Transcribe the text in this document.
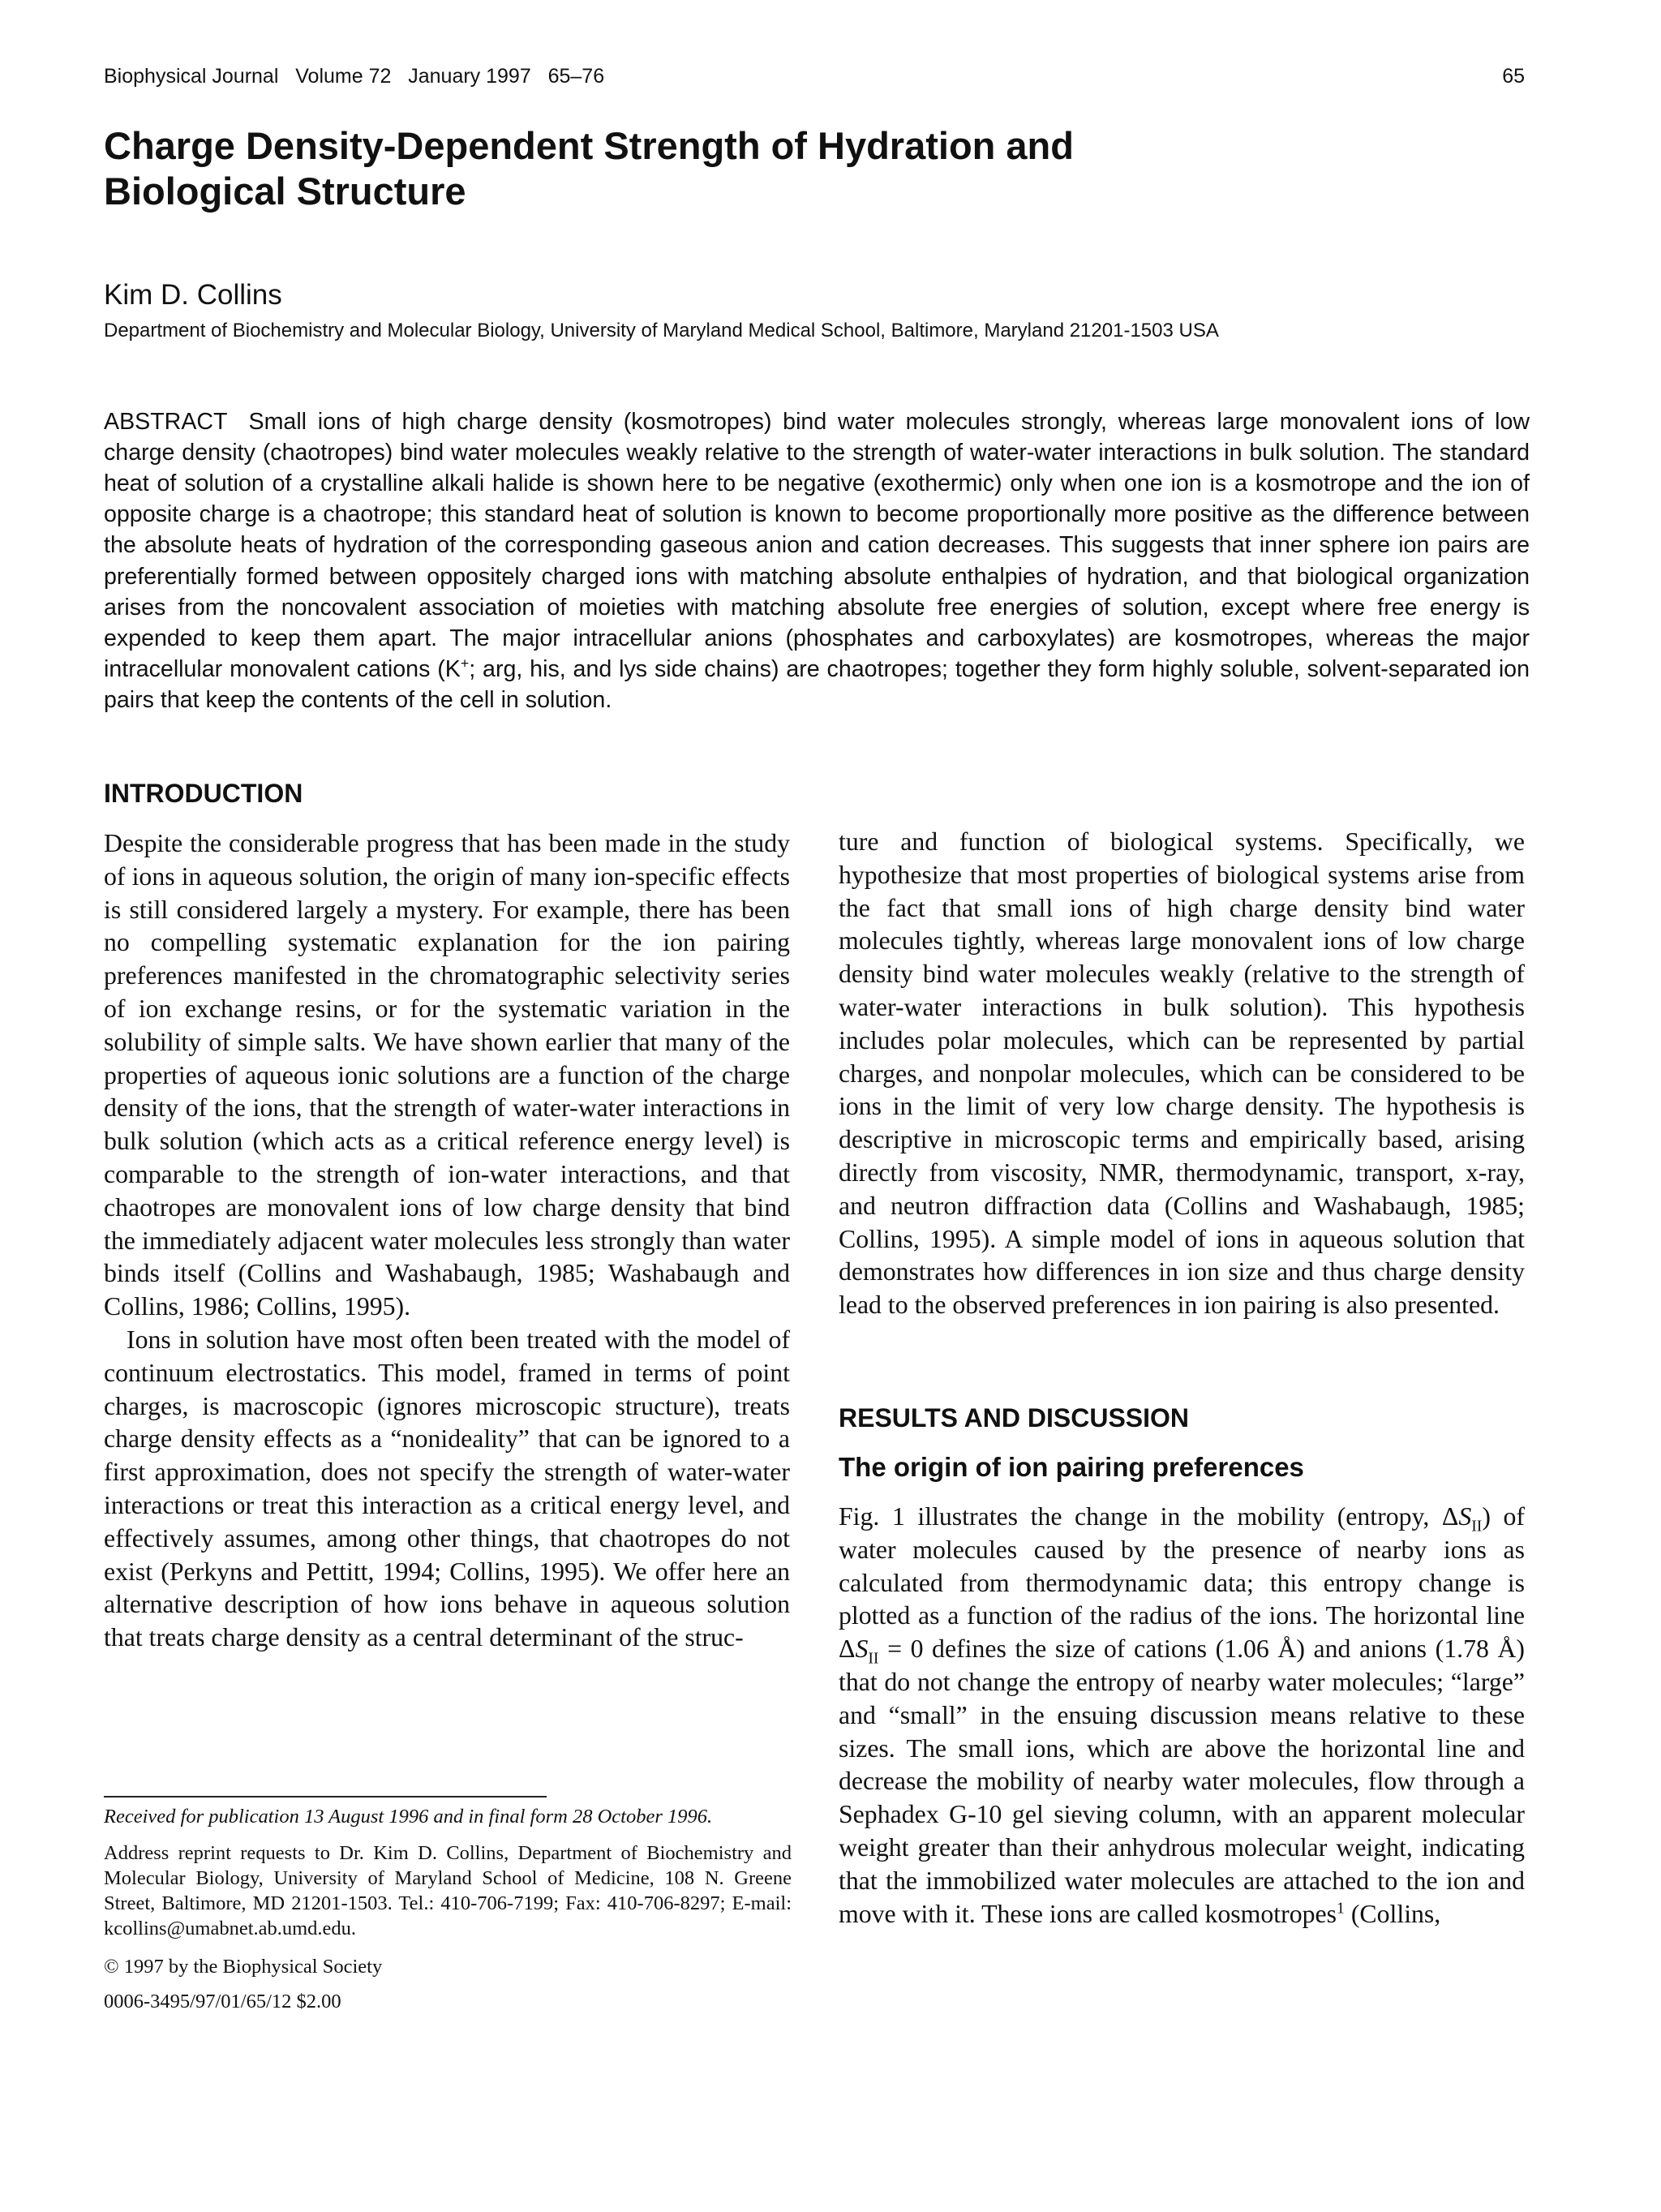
Biophysical Journal Volume 72 January 1997 65–76	65
Charge Density-Dependent Strength of Hydration and
Biological Structure
Kim D. Collins
Department of Biochemistry and Molecular Biology, University of Maryland Medical School, Baltimore, Maryland 21201-1503 USA

ABSTRACT Small ions of high charge density (kosmotropes) bind water molecules strongly, whereas large monovalent ions of low charge density (chaotropes) bind water molecules weakly relative to the strength of water-water interactions in bulk solution. The standard heat of solution of a crystalline alkali halide is shown here to be negative (exothermic) only when one ion is a kosmotrope and the ion of opposite charge is a chaotrope; this standard heat of solution is known to become proportionally more positive as the difference between the absolute heats of hydration of the corresponding gaseous anion and cation decreases. This suggests that inner sphere ion pairs are preferentially formed between oppositely charged ions with matching absolute enthalpies of hydration, and that biological organization arises from the noncovalent association of moieties with matching absolute free energies of solution, except where free energy is expended to keep them apart. The major intracellular anions (phosphates and carboxylates) are kosmotropes, whereas the major intracellular monovalent cations (K+; arg, his, and lys side chains) are chaotropes; together they form highly soluble, solvent-separated ion pairs that keep the contents of the cell in solution.

INTRODUCTION

Despite the considerable progress that has been made in the study of ions in aqueous solution, the origin of many ion-specific effects is still considered largely a mystery. For example, there has been no compelling systematic explanation for the ion pairing preferences manifested in the chromatographic selectivity series of ion exchange resins, or for the systematic variation in the solubility of simple salts. We have shown earlier that many of the properties of aqueous ionic solutions are a function of the charge density of the ions, that the strength of water-water interactions in bulk solution (which acts as a critical reference energy level) is comparable to the strength of ion-water interactions, and that chaotropes are monovalent ions of low charge density that bind the immediately adjacent water molecules less strongly than water binds itself (Collins and Washabaugh, 1985; Washabaugh and Collins, 1986; Collins, 1995).

Ions in solution have most often been treated with the model of continuum electrostatics. This model, framed in terms of point charges, is macroscopic (ignores microscopic structure), treats charge density effects as a “nonideality” that can be ignored to a first approximation, does not specify the strength of water-water interactions or treat this interaction as a critical energy level, and effectively assumes, among other things, that chaotropes do not exist (Perkyns and Pettitt, 1994; Collins, 1995). We offer here an alternative description of how ions behave in aqueous solution that treats charge density as a central determinant of the struc-

ture and function of biological systems. Specifically, we hypothesize that most properties of biological systems arise from the fact that small ions of high charge density bind water molecules tightly, whereas large monovalent ions of low charge density bind water molecules weakly (relative to the strength of water-water interactions in bulk solution). This hypothesis includes polar molecules, which can be represented by partial charges, and nonpolar molecules, which can be considered to be ions in the limit of very low charge density. The hypothesis is descriptive in microscopic terms and empirically based, arising directly from viscosity, NMR, thermodynamic, transport, x-ray, and neutron diffraction data (Collins and Washabaugh, 1985; Collins, 1995). A simple model of ions in aqueous solution that demonstrates how differences in ion size and thus charge density lead to the observed preferences in ion pairing is also presented.

RESULTS AND DISCUSSION
The origin of ion pairing preferences

Fig. 1 illustrates the change in the mobility (entropy, $\Delta S_{II}$) of water molecules caused by the presence of nearby ions as calculated from thermodynamic data; this entropy change is plotted as a function of the radius of the ions. The horizontal line $\Delta S_{II} = 0$ defines the size of cations (1.06 Å) and anions (1.78 Å) that do not change the entropy of nearby water molecules; “large” and “small” in the ensuing discussion means relative to these sizes. The small ions, which are above the horizontal line and decrease the mobility of nearby water molecules, flow through a Sephadex G-10 gel sieving column, with an apparent molecular weight greater than their anhydrous molecular weight, indicating that the immobilized water molecules are attached to the ion and move with it. These ions are called kosmotropes$^1$ (Collins,

Received for publication 13 August 1996 and in final form 28 October 1996.

Address reprint requests to Dr. Kim D. Collins, Department of Biochemistry and Molecular Biology, University of Maryland School of Medicine, 108 N. Greene Street, Baltimore, MD 21201-1503. Tel.: 410-706-7199; Fax: 410-706-8297; E-mail: kcollins@umabnet.ab.umd.edu.

© 1997 by the Biophysical Society

0006-3495/97/01/65/12 $2.00
